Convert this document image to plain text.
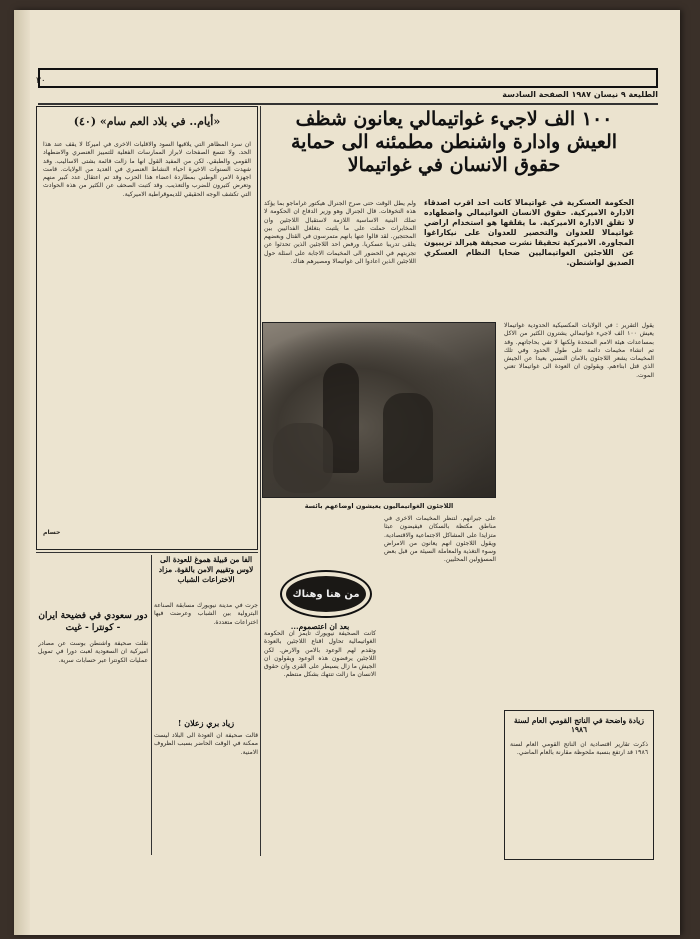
٣٠
الطليعة ٩ نيسان ١٩٨٧ الصفحة السادسة
«أيام.. في بلاد العم سام» (٤٠)
ان سرد المظاهر التي يلاقيها السود والاقليات الاخرى في اميركا لا يقف عند هذا الحد. ولا تتسع الصفحات لابراز الممارسات الفعلية للتمييز العنصري والاضطهاد القومي والطبقي. لكن من المفيد القول انها ما زالت قائمة بشتى الاساليب. وقد شهدت السنوات الاخيرة احياء النشاط العنصري في العديد من الولايات. قامت اجهزة الامن الوطني بمطاردة اعضاء هذا الحزب وقد تم اعتقال عدد كبير منهم وتعرض كثيرون للضرب والتعذيب. وقد كتبت الصحف عن الكثير من هذه الحوادث التي تكشف الوجه الحقيقي للديموقراطية الاميركية.
حسام
١٠٠ الف لاجيء غواتيمالي يعانون شظف العيش وادارة واشنطن مطمئنه الى حماية حقوق الانسان في غواتيمالا
الحكومة العسكرية في غواتيمالا كانت احد اقرب اصدقاء الادارة الاميركية. حقوق الانسان الغواتيمالي واضطهاده لا تقلق الادارة الاميركية. ما يقلقها هو استخدام اراضي غواتيمالا للعدوان والتخصير للعدوان على نيكاراغوا المجاورة. الاميركية تحقيقا نشرت صحيفة هيرالد تريبيون عن اللاجئين الغواتيماليين ضحايا النظام العسكري الصديق لواشنطن.
ولم يطل الوقت حتى صرح الجنرال هيكتور غراماجو بما يؤكد هذه التخوفات. قال الجنرال وهو وزير الدفاع ان الحكومة لا تملك البنية الاساسية اللازمة لاستقبال اللاجئين وان المخابرات حملت على ما يلتبث بتغلغل الفدائيين بين المحتجين. لقد قالوا عنها بانهم متمرسون في القتال وبعضهم يتلقى تدريبا عسكريا. ورفض احد اللاجئين الذين تحدثوا عن تجربتهم في الحضور الى المخيمات الاجابة على اسئلة حول اللاجئين الذين اعادوا الى غواتيمالا ومصيرهم هناك.
اللاجئون الغواتيماليون يعيشون اوضاعهم بائسة
يقول التقرير : في الولايات المكسيكية الحدودية غواتيمالا يعيش ١٠٠ الف لاجيء غواتيمالي يشترون الكثير من الاكل بمساعدات هيئة الامم المتحدة ولكنها لا تفي بحاجاتهم. وقد تم انشاء مخيمات دائمة على طول الحدود وفي تلك المخيمات يشعر اللاجئون بالامان النسبي بعيدا عن الجيش الذي قتل ابناءهم. ويقولون ان العودة الى غواتيمالا تعني الموت.
على جيرانهم. لتنظر المخيمات الاخرى في مناطق مكتظة بالسكان فيفيضون عبثا متزايدا على المشاكل الاجتماعية والاقتصادية. ويقول اللاجئون انهم يعانون من الامراض وسوء التغذية والمعاملة السيئة من قبل بعض المسؤولين المحليين.
كانت الصحيفة نيويورك تايمز ان الحكومة الغواتيمالية تحاول اقناع اللاجئين بالعودة وتقدم لهم الوعود بالامن والارض. لكن اللاجئين يرفضون هذه الوعود ويقولون ان الجيش ما زال يسيطر على القرى وان حقوق الانسان ما زالت تنتهك بشكل منتظم.
من هنا وهناك
بعد ان اعتصموم...
الفا من قبيلة هموغ للعودة الى لاوس وتقييم الامن بالقوة. مزاد الاختراعات الشباب
جرت في مدينة نيويورك مسابقة الصناعة البترولية بين الشباب وعرضت فيها اختراعات متعددة.
زياد بري زعلان !
قالت صحيفة ان العودة الى البلاد ليست ممكنة في الوقت الحاضر بسبب الظروف الامنية.
دور سعودي في فضيحة ايران - كونترا - غيت
نقلت صحيفة واشنطن بوست عن مصادر اميركية ان السعودية لعبت دورا في تمويل عمليات الكونترا عبر حسابات سرية.
زيادة واضحة في الناتج القومي العام لسنة ١٩٨٦
ذكرت تقارير اقتصادية ان الناتج القومي العام لسنة ١٩٨٦ قد ارتفع بنسبة ملحوظة مقارنة بالعام الماضي.
